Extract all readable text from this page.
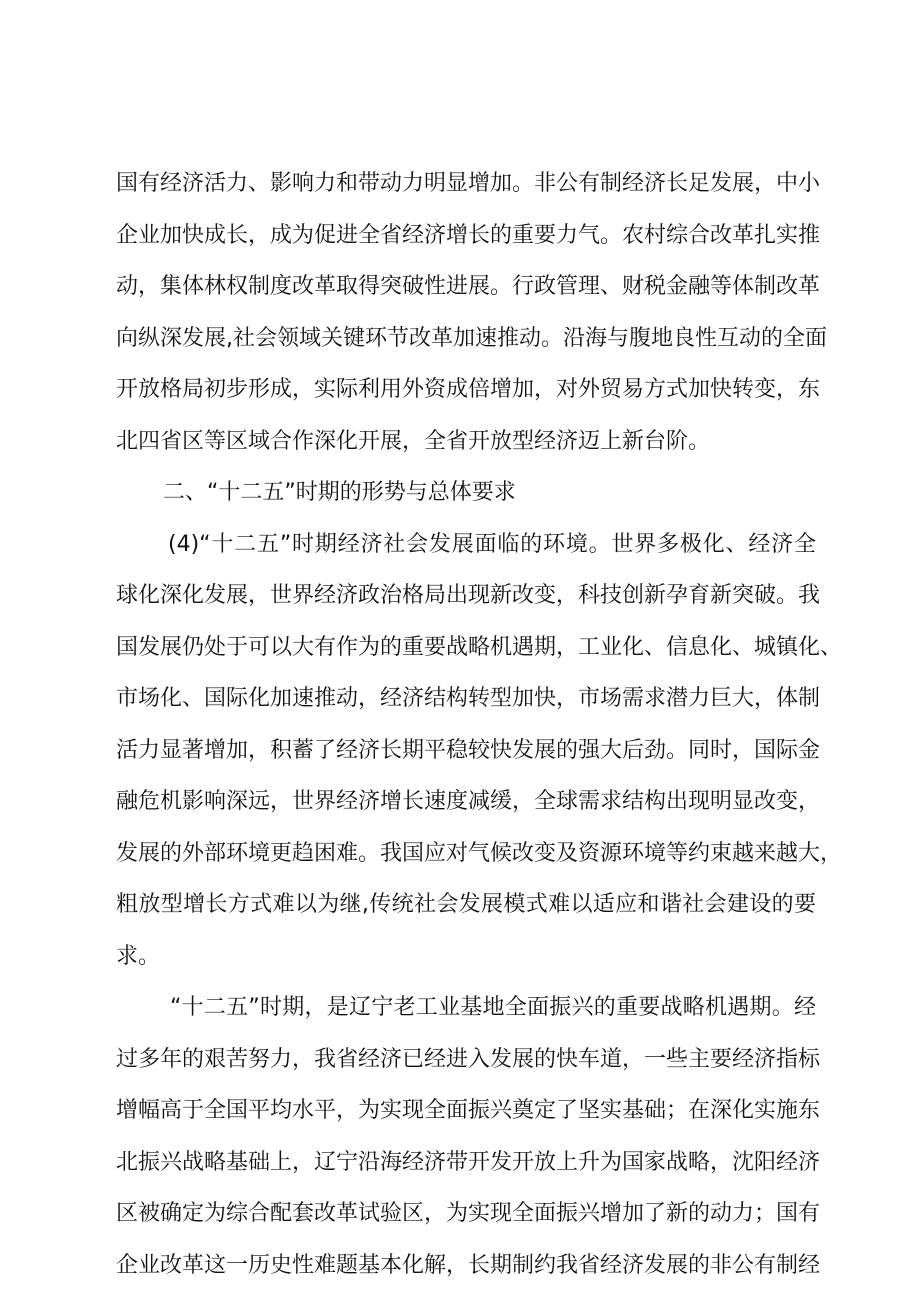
国有经济活力、影响力和带动力明显增加。非公有制经济长足发展，中小
企业加快成长，成为促进全省经济增长的重要力气。农村综合改革扎实推
动，集体林权制度改革取得突破性进展。行政管理、财税金融等体制改革
向纵深发展,社会领域关键环节改革加速推动。沿海与腹地良性互动的全面
开放格局初步形成，实际利用外资成倍增加，对外贸易方式加快转变，东
北四省区等区域合作深化开展，全省开放型经济迈上新台阶。
二、“十二五”时期的形势与总体要求
(4)“十二五”时期经济社会发展面临的环境。世界多极化、经济全
球化深化发展，世界经济政治格局出现新改变，科技创新孕育新突破。我
国发展仍处于可以大有作为的重要战略机遇期，工业化、信息化、城镇化、
市场化、国际化加速推动，经济结构转型加快，市场需求潜力巨大，体制
活力显著增加，积蓄了经济长期平稳较快发展的强大后劲。同时，国际金
融危机影响深远，世界经济增长速度减缓，全球需求结构出现明显改变，
发展的外部环境更趋困难。我国应对气候改变及资源环境等约束越来越大，
粗放型增长方式难以为继,传统社会发展模式难以适应和谐社会建设的要
求。
“十二五”时期，是辽宁老工业基地全面振兴的重要战略机遇期。经
过多年的艰苦努力，我省经济已经进入发展的快车道，一些主要经济指标
增幅高于全国平均水平，为实现全面振兴奠定了坚实基础；在深化实施东
北振兴战略基础上，辽宁沿海经济带开发开放上升为国家战略，沈阳经济
区被确定为综合配套改革试验区，为实现全面振兴增加了新的动力；国有
企业改革这一历史性难题基本化解，长期制约我省经济发展的非公有制经
